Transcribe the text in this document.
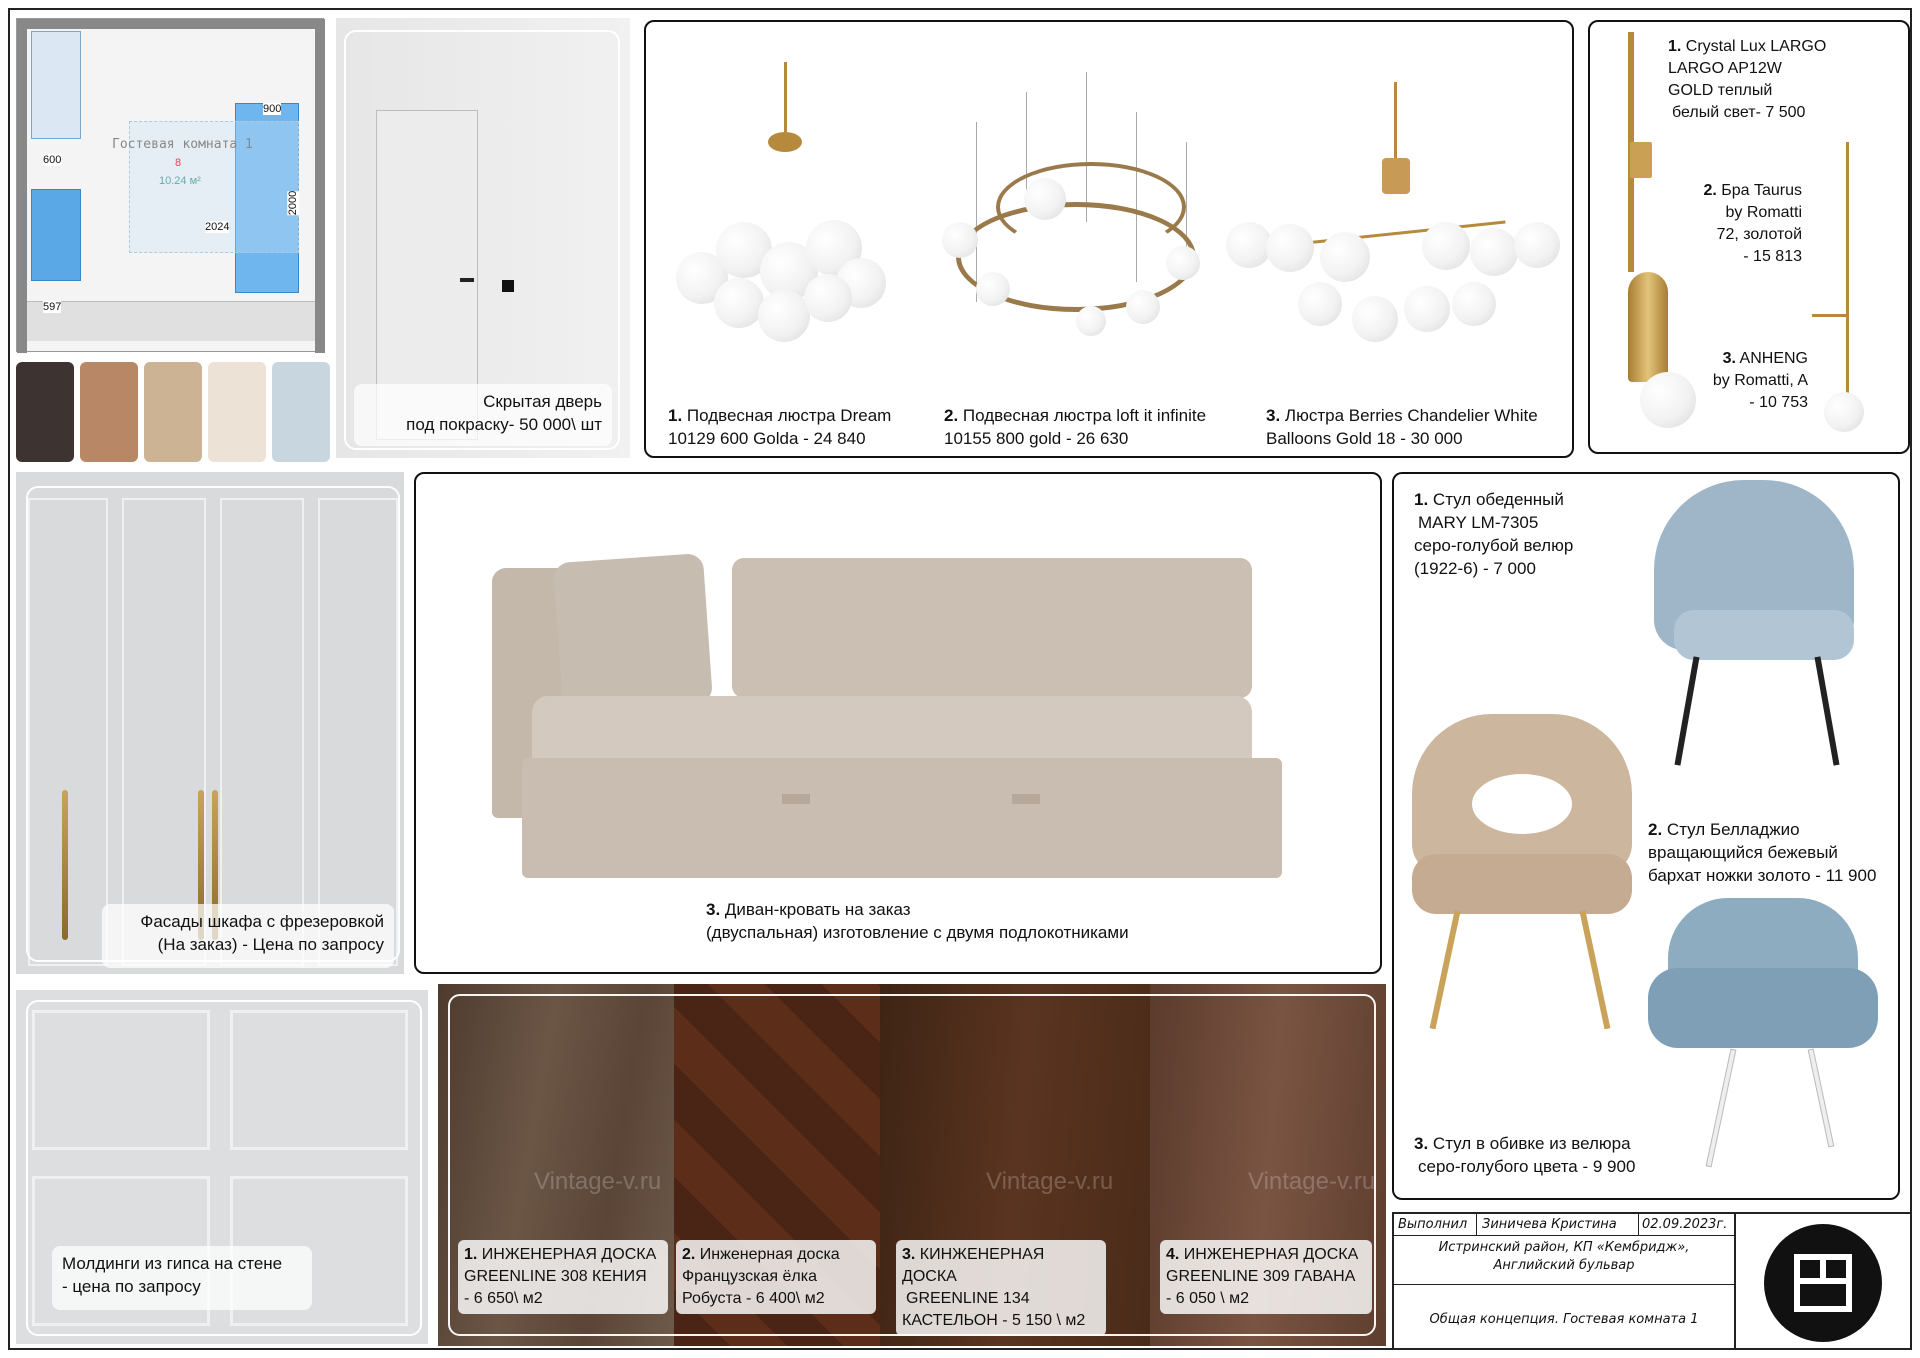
Гостевая комната 1
8
10.24 м²
900
600
2000
2024
597
Скрытая дверь
под покраску- 50 000\ шт	1. Подвесная люстра Dream
10129 600 Goldа - 24 840
2. Подвесная люстра loft it infinite
10155 800 gold - 26 630
3. Люстра Berries Chandelier White
Balloons Gold 18 - 30 000
1. Crystal Lux LARGO
LARGO AP12W
GOLD теплый
белый свет- 7 500
2. Бра Taurus
by Romatti
72, золотой
- 15 813
3. ANHENG
by Romatti, A
- 10 753
Фасады шкафа с фрезеровкой
(На заказ) - Цена по запросу
3. Диван-кровать на заказ
(двуспальная) изготовление с двумя подлокотниками
1. Стул обеденный
MARY LM-7305
серо-голубой велюр
(1922-6) - 7 000
2. Стул Белладжио
вращающийся бежевый
бархат ножки золото - 11 900
3. Стул в обивке из велюра
серо-голубого цвета - 9 900
Молдинги из гипса на стене
- цена по запросу
Vintage-v.ru	Vintage-v.ru	Vintage-v.ru
1. ИНЖЕНЕРНАЯ ДОСКА
GREENLINE 308 КЕНИЯ
- 6 650\ м2
2. Инженерная доска
Французская ёлка
Робуста - 6 400\ м2
3. КИНЖЕНЕРНАЯ ДОСКА
GREENLINE 134
КАСТЕЛЬОН - 5 150 \ м2
4. ИНЖЕНЕРНАЯ ДОСКА
GREENLINE 309 ГАВАНА
- 6 050 \ м2
Выполнил Зиничева Кристина 02.09.2023г.
Истринский район, КП «Кембридж»,
Английский бульвар
Общая концепция. Гостевая комната 1
